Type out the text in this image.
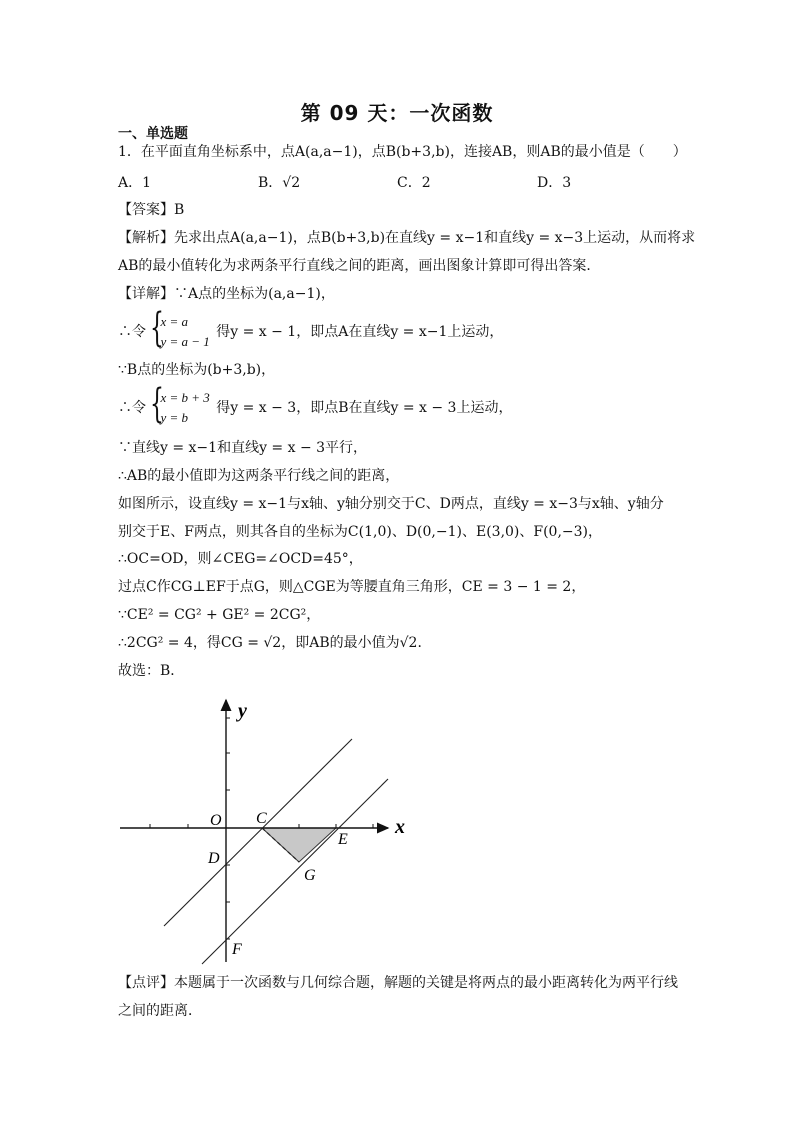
第 09 天：一次函数
一、单选题
1．在平面直角坐标系中，点A(a,a−1)，点B(b+3,b)，连接AB，则AB的最小值是（　　）
A．1	B．√2	C．2	D．3
【答案】B
【解析】先求出点A(a,a−1)，点B(b+3,b)在直线y = x−1和直线y = x−3上运动，从而将求
AB的最小值转化为求两条平行直线之间的距离，画出图象计算即可得出答案．
【详解】∵A点的坐标为(a,a−1)，
∴令 {
x = a
y = a − 1
得y = x − 1，即点A在直线y = x−1上运动，
∵B点的坐标为(b+3,b)，
∴令 {
x = b + 3
y = b
得y = x − 3，即点B在直线y = x − 3上运动，
∵直线y = x−1和直线y = x − 3平行，
∴AB的最小值即为这两条平行线之间的距离，
如图所示，设直线y = x−1与x轴、y轴分别交于C、D两点，直线y = x−3与x轴、y轴分
别交于E、F两点，则其各自的坐标为C(1,0)、D(0,−1)、E(3,0)、F(0,−3)，
∴OC=OD，则∠CEG=∠OCD=45°，
过点C作CG⊥EF于点G，则△CGE为等腰直角三角形，CE = 3 − 1 = 2，
∵CE² = CG² + GE² = 2CG²，
∴2CG² = 4，得CG = √2，即AB的最小值为√2．
故选：B．
y
x
O C
D
E
G
F
【点评】本题属于一次函数与几何综合题，解题的关键是将两点的最小距离转化为两平行线
之间的距离．
